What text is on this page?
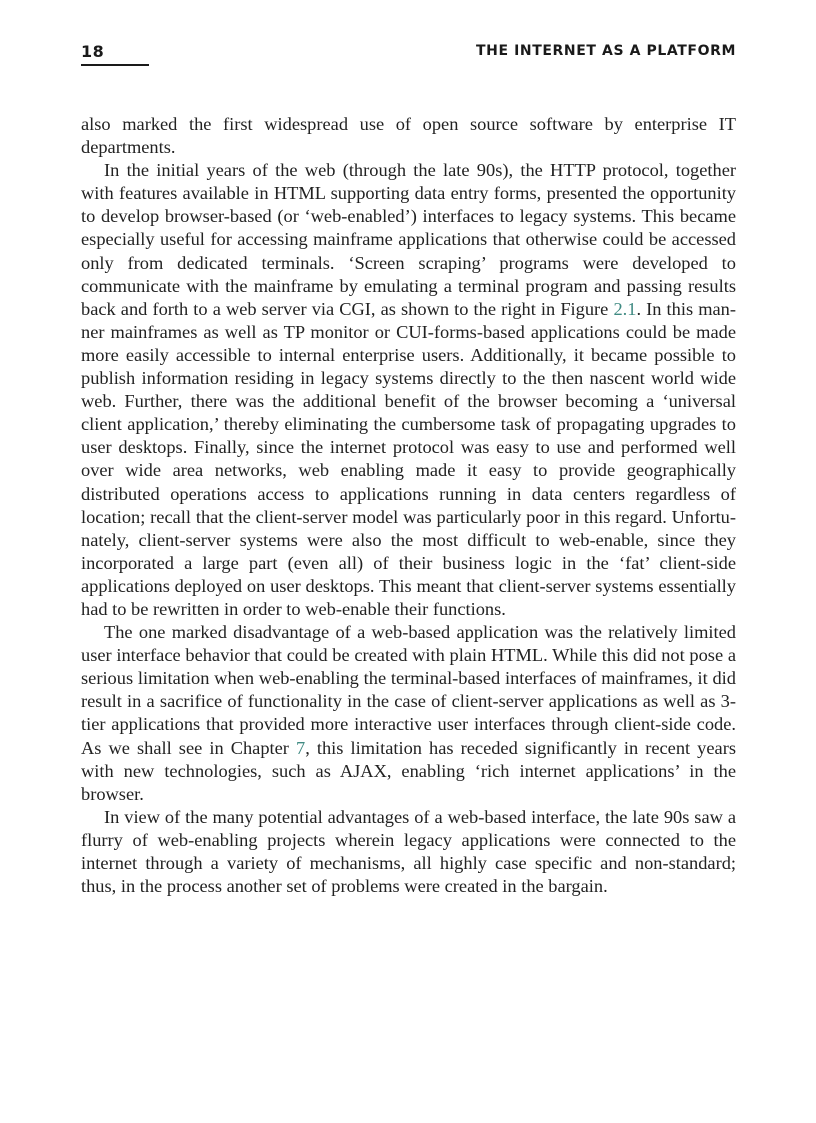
18	THE INTERNET AS A PLATFORM

also marked the first widespread use of open source software by enterprise IT departments.

In the initial years of the web (through the late 90s), the HTTP protocol, together with features available in HTML supporting data entry forms, presented the opportunity to develop browser-based (or ‘web-enabled’) interfaces to legacy systems. This became especially useful for accessing mainframe applications that otherwise could be accessed only from dedicated terminals. ‘Screen scraping’ programs were developed to communicate with the mainframe by emulating a terminal program and passing results back and forth to a web server via CGI, as shown to the right in Figure 2.1. In this manner mainframes as well as TP monitor or CUI-forms-based applications could be made more easily accessible to internal enterprise users. Additionally, it became possible to publish information residing in legacy systems directly to the then nascent world wide web. Further, there was the additional benefit of the browser becoming a ‘universal client application,’ thereby eliminating the cumbersome task of propagating upgrades to user desktops. Finally, since the internet protocol was easy to use and performed well over wide area networks, web enabling made it easy to provide geographically distributed operations access to applications running in data centers regardless of location; recall that the client-server model was particularly poor in this regard. Unfortunately, client-server systems were also the most difficult to web-enable, since they incorporated a large part (even all) of their business logic in the ‘fat’ client-side applications deployed on user desktops. This meant that client-server systems essentially had to be rewritten in order to web-enable their functions.

The one marked disadvantage of a web-based application was the relatively limited user interface behavior that could be created with plain HTML. While this did not pose a serious limitation when web-enabling the terminal-based interfaces of mainframes, it did result in a sacrifice of functionality in the case of client-server applications as well as 3-tier applications that provided more interactive user interfaces through client-side code. As we shall see in Chapter 7, this limitation has receded significantly in recent years with new technologies, such as AJAX, enabling ‘rich internet applications’ in the browser.

In view of the many potential advantages of a web-based interface, the late 90s saw a flurry of web-enabling projects wherein legacy applications were connected to the internet through a variety of mechanisms, all highly case specific and non-standard; thus, in the process another set of problems were created in the bargain.
